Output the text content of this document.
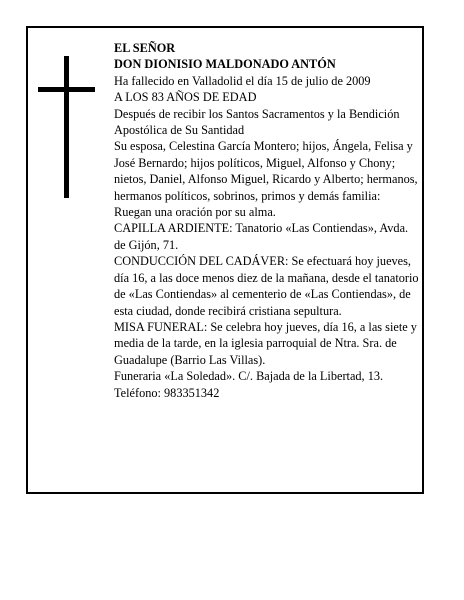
EL SEÑOR

DON DIONISIO MALDONADO ANTÓN

Ha fallecido en Valladolid el día 15 de julio de 2009

A LOS 83 AÑOS DE EDAD

Después de recibir los Santos Sacramentos y la Bendición Apostólica de Su Santidad

Su esposa, Celestina García Montero; hijos, Ángela, Felisa y José Bernardo; hijos políticos, Miguel, Alfonso y Chony; nietos, Daniel, Alfonso Miguel, Ricardo y Alberto; hermanos, hermanos políticos, sobrinos, primos y demás familia:

Ruegan una oración por su alma.

CAPILLA ARDIENTE: Tanatorio «Las Contiendas», Avda. de Gijón, 71.

CONDUCCIÓN DEL CADÁVER: Se efectuará hoy jueves, día 16, a las doce menos diez de la mañana, desde el tanatorio de «Las Contiendas» al cementerio de «Las Contiendas», de esta ciudad, donde recibirá cristiana sepultura.

MISA FUNERAL: Se celebra hoy jueves, día 16, a las siete y media de la tarde, en la iglesia parroquial de Ntra. Sra. de Guadalupe (Barrio Las Villas).

Funeraria «La Soledad». C/. Bajada de la Libertad, 13.

Teléfono: 983351342
